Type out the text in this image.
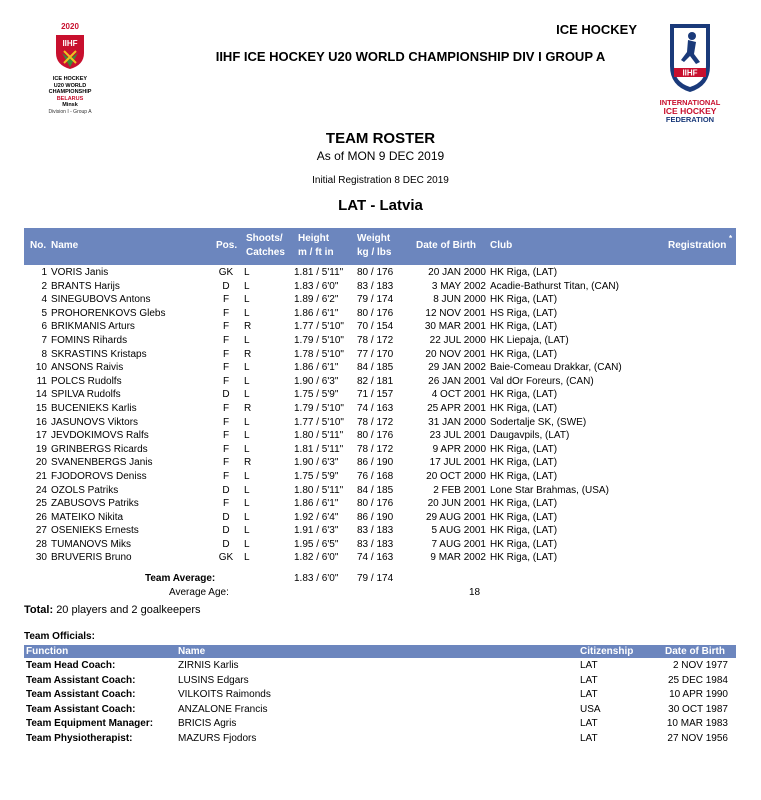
2020
IIHF
ICE HOCKEY
U20 WORLD
CHAMPIONSHIP
BELARUS
Minsk
Division I - Group A
ICE HOCKEY
IIHF ICE HOCKEY U20 WORLD CHAMPIONSHIP DIV I GROUP A
IIHF
INTERNATIONAL
ICE HOCKEY
FEDERATION
TEAM ROSTER
As of MON 9 DEC 2019
Initial Registration 8 DEC 2019
LAT - Latvia
No. Name	Pos.
Shoots/
Catches
Height
m / ft in
Weight
kg / lbs
Date of Birth Club	Registration
*
1 VORIS Janis	GK L	1.81 / 5'11" 80 / 176	20 JAN 2000 HK Riga, (LAT)
2 BRANTS Harijs	D	L	1.83 / 6'0" 83 / 183	3 MAY 2002 Acadie-Bathurst Titan, (CAN)
4 SINEGUBOVS Antons	F	L	1.89 / 6'2" 79 / 174	8 JUN 2000 HK Riga, (LAT)
5 PROHORENKOVS Glebs	F	L	1.86 / 6'1" 80 / 176	12 NOV 2001 HS Riga, (LAT)
6 BRIKMANIS Arturs	F	R	1.77 / 5'10" 70 / 154	30 MAR 2001 HK Riga, (LAT)
7 FOMINS Rihards	F	L	1.79 / 5'10" 78 / 172	22 JUL 2000 HK Liepaja, (LAT)
8 SKRASTINS Kristaps	F	R	1.78 / 5'10" 77 / 170	20 NOV 2001 HK Riga, (LAT)
10 ANSONS Raivis	F	L	1.86 / 6'1" 84 / 185	29 JAN 2002 Baie-Comeau Drakkar, (CAN)
11 POLCS Rudolfs	F	L	1.90 / 6'3" 82 / 181	26 JAN 2001 Val dOr Foreurs, (CAN)
14 SPILVA Rudolfs	D	L	1.75 / 5'9" 71 / 157	4 OCT 2001 HK Riga, (LAT)
15 BUCENIEKS Karlis	F	R	1.79 / 5'10" 74 / 163	25 APR 2001 HK Riga, (LAT)
16 JASUNOVS Viktors	F	L	1.77 / 5'10" 78 / 172	31 JAN 2000 Sodertalje SK, (SWE)
17 JEVDOKIMOVS Ralfs	F	L	1.80 / 5'11" 80 / 176	23 JUL 2001 Daugavpils, (LAT)
19 GRINBERGS Ricards	F	L	1.81 / 5'11" 78 / 172	9 APR 2000 HK Riga, (LAT)
20 SVANENBERGS Janis	F	R	1.90 / 6'3" 86 / 190	17 JUL 2001 HK Riga, (LAT)
21 FJODOROVS Deniss	F	L	1.75 / 5'9" 76 / 168	20 OCT 2000 HK Riga, (LAT)
24 OZOLS Patriks	D	L	1.80 / 5'11" 84 / 185	2 FEB 2001 Lone Star Brahmas, (USA)
25 ZABUSOVS Patriks	F	L	1.86 / 6'1" 80 / 176	20 JUN 2001 HK Riga, (LAT)
26 MATEIKO Nikita	D	L	1.92 / 6'4" 86 / 190	29 AUG 2001 HK Riga, (LAT)
27 OSENIEKS Ernests	D	L	1.91 / 6'3" 83 / 183	5 AUG 2001 HK Riga, (LAT)
28 TUMANOVS Miks	D	L	1.95 / 6'5" 83 / 183	7 AUG 2001 HK Riga, (LAT)
30 BRUVERIS Bruno	GK L	1.82 / 6'0" 74 / 163	9 MAR 2002 HK Riga, (LAT)
Team Average:	1.83 / 6'0" 79 / 174
Average Age:	18
Total: 20 players and 2 goalkeepers
Team Officials:
Function	Name	Citizenship	Date of Birth
Team Head Coach:	ZIRNIS Karlis	LAT	2 NOV 1977
Team Assistant Coach:	LUSINS Edgars	LAT	25 DEC 1984
Team Assistant Coach:	VILKOITS Raimonds	LAT	10 APR 1990
Team Assistant Coach:	ANZALONE Francis	USA	30 OCT 1987
Team Equipment Manager: BRICIS Agris	LAT	10 MAR 1983
Team Physiotherapist:	MAZURS Fjodors	LAT	27 NOV 1956
